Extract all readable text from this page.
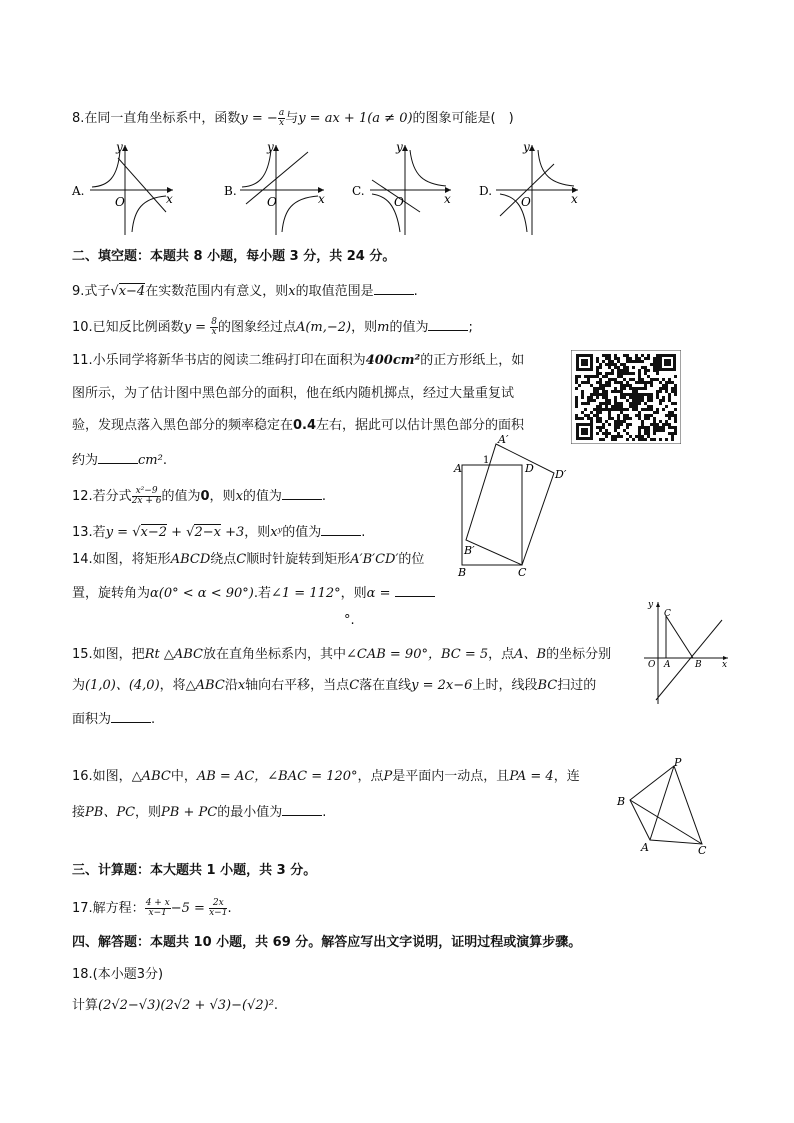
8.在同一直角坐标系中，函数y = − $\frac{a}{x}$ 与y = ax + 1(a ≠ 0)的图象可能是(　)
A.
y
x
O
B.
y
x
O
C.
y
x
O
D.
y
x
O
二、填空题：本题共 8 小题，每小题 3 分，共 24 分。
9.式子√x−4在实数范围内有意义，则x的取值范围是	.
10.已知反比例函数$y = \frac{8}{x}$ 的图象经过点A(m,−2)，则m的值为	;
11.小乐同学将新华书店的阅读二维码打印在面积为400cm²的正方形纸上，如
图所示，为了估计图中黑色部分的面积，他在纸内随机掷点，经过大量重复试
验，发现点落入黑色部分的频率稳定在0.4左右，据此可以估计黑色部分的面积
约为	cm².
12.若分式 $\frac{\text{x²−9}}{2x + 6}$ 的值为0，则x的值为	.
13.若y = √x−2 + √2−x +3，则xʸ的值为	.
14.如图，将矩形ABCD绕点C顺时针旋转到矩形A′B′CD′的位
置，旋转角为α(0° < α < 90°).若∠1 = 112°，则α =
°.
A	D
B	C
A′
D′
B′
1
15.如图，把Rt △ABC放在直角坐标系内，其中∠CAB = 90°，BC = 5，点A、B的坐标分别
为(1,0)、(4,0)，将△ABC沿x轴向右平移，当点C落在直线y = 2x−6上时，线段BC扫过的
面积为	.
y
x
O A	B
C
16.如图，△ABC中，AB = AC，∠BAC = 120°，点P是平面内一动点，且PA = 4，连
接PB、PC，则PB + PC的最小值为	.
P
B
A	C
三、计算题：本大题共 1 小题，共 3 分。
17.解方程： $\frac{4 + x}{x-1} -5 = \frac{2x}{x-1}$ .
四、解答题：本题共 10 小题，共 69 分。解答应写出文字说明，证明过程或演算步骤。
18.(本小题3分)
计算(2√2−√3)(2√2 + √3)−(√2)².
